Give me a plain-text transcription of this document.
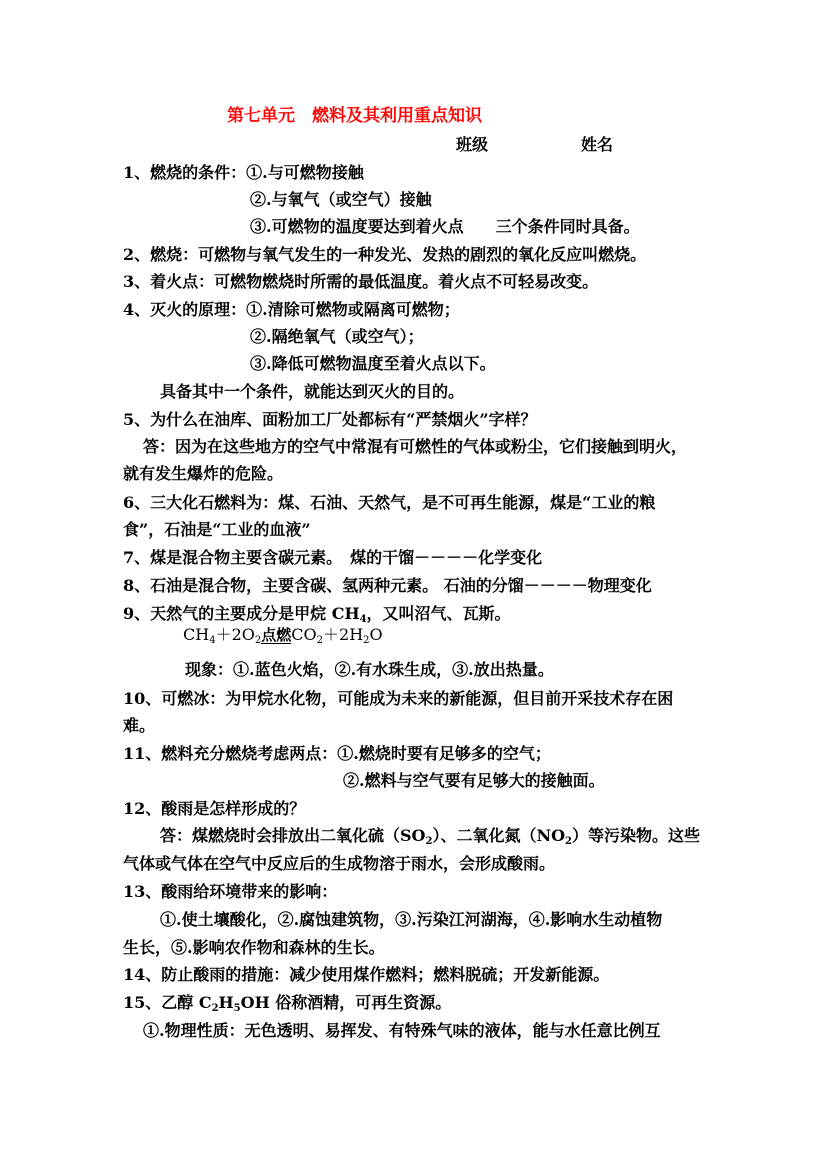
第七单元　燃料及其利用重点知识
班级	姓名
1、燃烧的条件：①.与可燃物接触
②.与氧气（或空气）接触
③.可燃物的温度要达到着火点　　三个条件同时具备。
2、燃烧：可燃物与氧气发生的一种发光、发热的剧烈的氧化反应叫燃烧。
3、着火点：可燃物燃烧时所需的最低温度。着火点不可轻易改变。
4、灭火的原理：①.清除可燃物或隔离可燃物；
②.隔绝氧气（或空气）；
③.降低可燃物温度至着火点以下。
具备其中一个条件，就能达到灭火的目的。
5、为什么在油库、面粉加工厂处都标有“严禁烟火”字样？
答：因为在这些地方的空气中常混有可燃性的气体或粉尘，它们接触到明火，
就有发生爆炸的危险。
6、三大化石燃料为：煤、石油、天然气，是不可再生能源，煤是“工业的粮
食”，石油是“工业的血液”
7、煤是混合物主要含碳元素。　煤的干馏－－－－化学变化
8、石油是混合物，主要含碳、氢两种元素。 石油的分馏－－－－物理变化
9、天然气的主要成分是甲烷 $CH_4$，又叫沼气、瓦斯。
$CH_4+2O_2$ 点燃 $CO_2+2H_2O$
现象：①.蓝色火焰，②.有水珠生成，③.放出热量。
10、可燃冰：为甲烷水化物，可能成为未来的新能源，但目前开采技术存在困
难。
11、燃料充分燃烧考虑两点：①.燃烧时要有足够多的空气；
②.燃料与空气要有足够大的接触面。
12、酸雨是怎样形成的？
答：煤燃烧时会排放出二氧化硫$(SO_2)$、二氧化氮$(NO_2)$等污染物。这些
气体或气体在空气中反应后的生成物溶于雨水，会形成酸雨。
13、酸雨给环境带来的影响：
①.使土壤酸化，②.腐蚀建筑物，③.污染江河湖海，④.影响水生动植物
生长，⑤.影响农作物和森林的生长。
14、防止酸雨的措施：减少使用煤作燃料；燃料脱硫；开发新能源。
15、乙醇 $C_2H_5OH$ 俗称酒精，可再生资源。
①.物理性质：无色透明、易挥发、有特殊气味的液体，能与水任意比例互
